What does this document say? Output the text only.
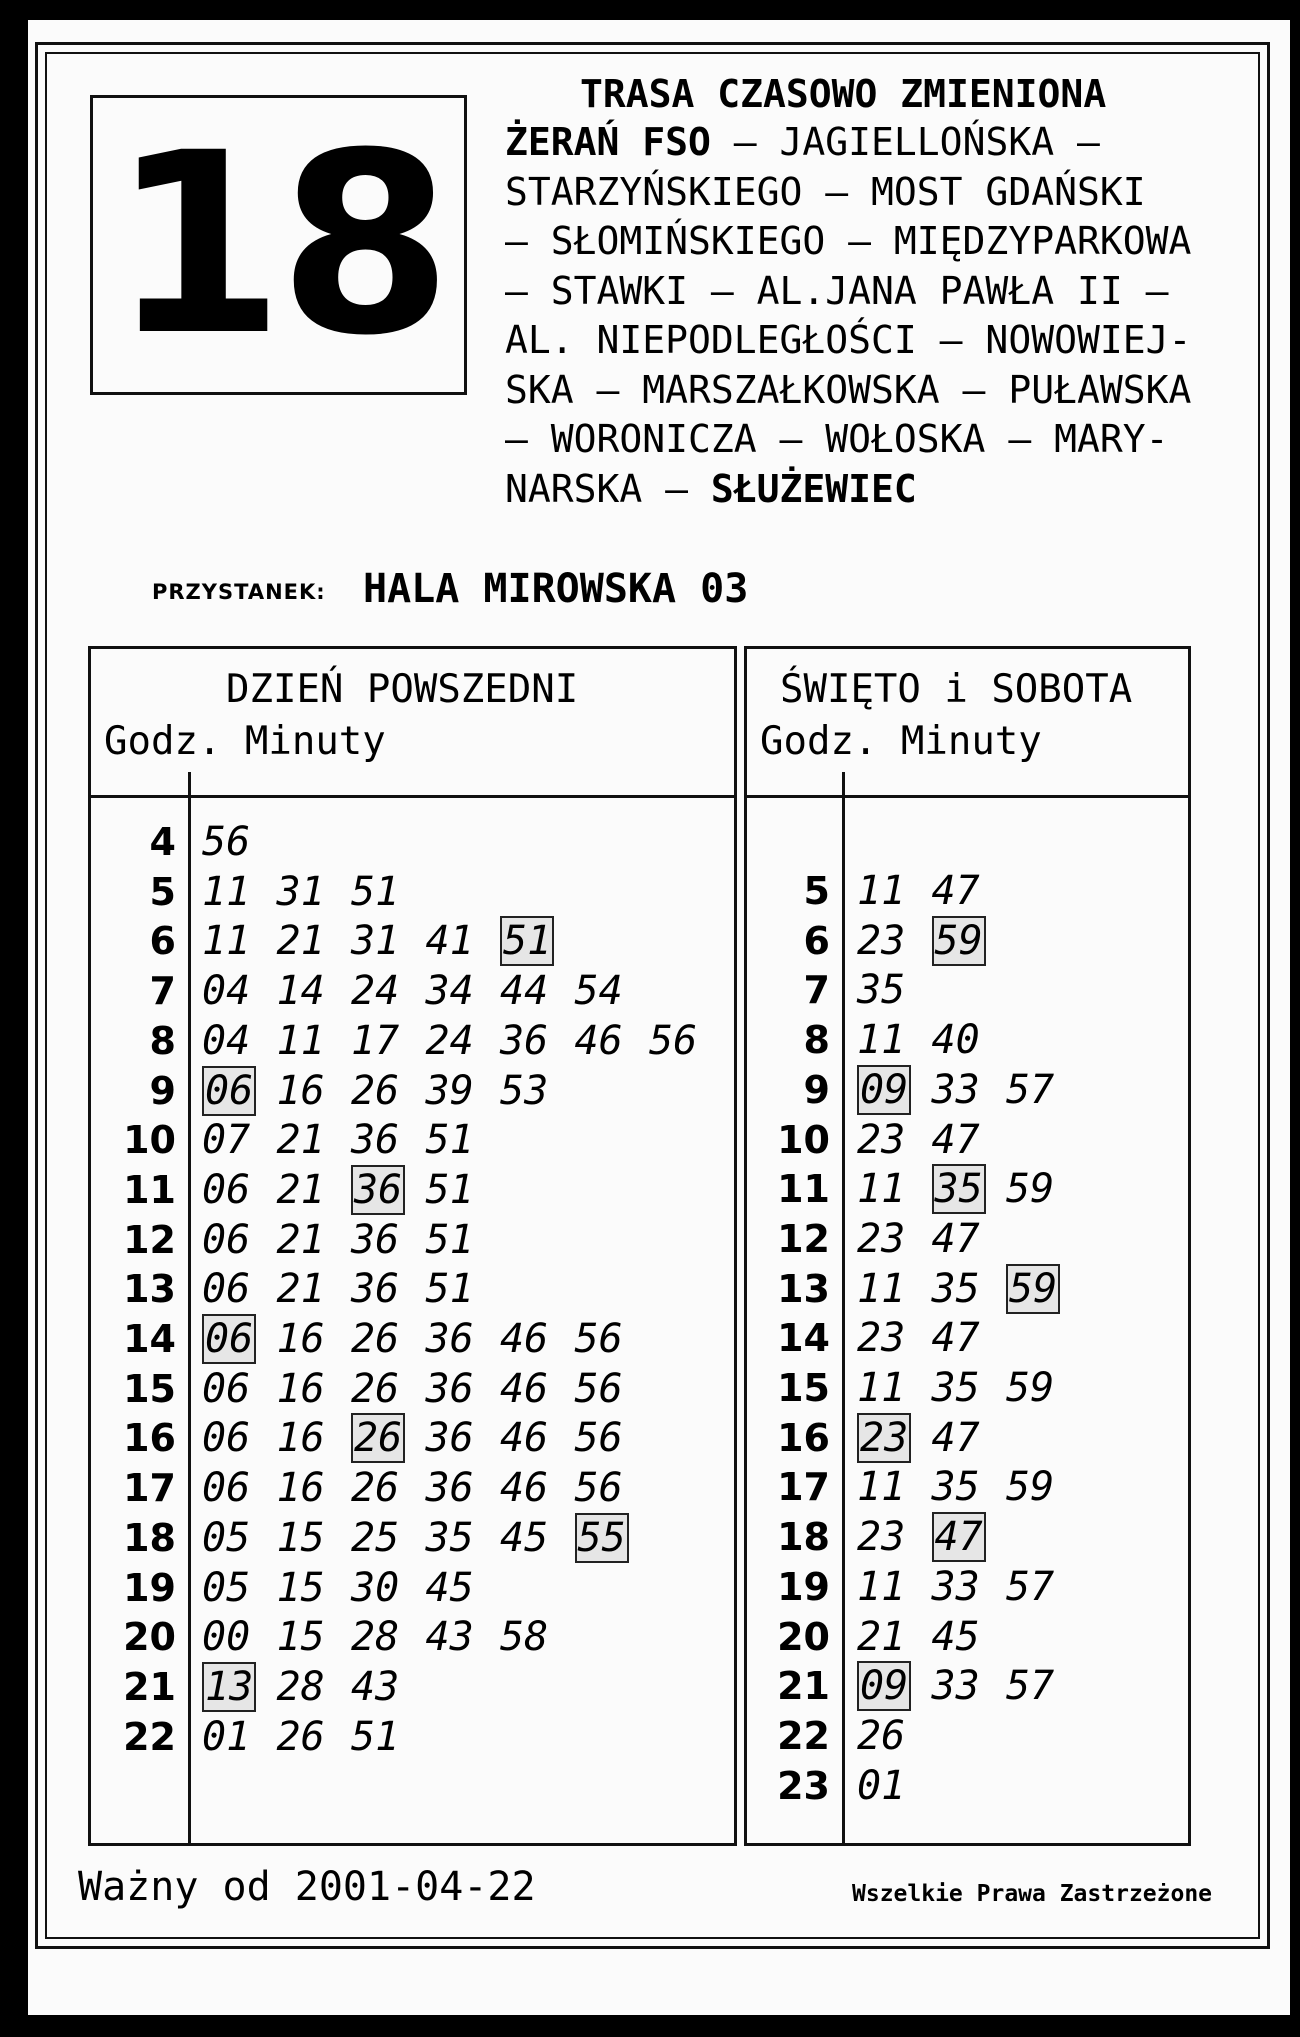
18
TRASA CZASOWO ZMIENIONA
ŻERAŃ FSO – JAGIELLOŃSKA –
STARZYŃSKIEGO – MOST GDAŃSKI
– SŁOMIŃSKIEGO – MIĘDZYPARKOWA
– STAWKI – AL.JANA PAWŁA II –
AL. NIEPODLEGŁOŚCI – NOWOWIEJ-
SKA – MARSZAŁKOWSKA – PUŁAWSKA
– WORONICZA – WOŁOSKA – MARY-
NARSKA – SŁUŻEWIEC
PRZYSTANEK: HALA MIROWSKA 03
DZIEŃ POWSZEDNI
Godz. Minuty
4 56
5 11 31 51
6 11 21 31 41 51
7 04 14 24 34 44 54
8 04 11 17 24 36 46 56
9 06 16 26 39 53
10 07 21 36 51
11 06 21 36 51
12 06 21 36 51
13 06 21 36 51
14 06 16 26 36 46 56
15 06 16 26 36 46 56
16 06 16 26 36 46 56
17 06 16 26 36 46 56
18 05 15 25 35 45 55
19 05 15 30 45
20 00 15 28 43 58
21 13 28 43
22 01 26 51
ŚWIĘTO i SOBOTA
Godz. Minuty
5 11 47
6 23 59
7 35
8 11 40
9 09 33 57
10 23 47
11 11 35 59
12 23 47
13 11 35 59
14 23 47
15 11 35 59
16 23 47
17 11 35 59
18 23 47
19 11 33 57
20 21 45
21 09 33 57
22 26
23 01
Ważny od 2001-04-22	Wszelkie Prawa Zastrzeżone
